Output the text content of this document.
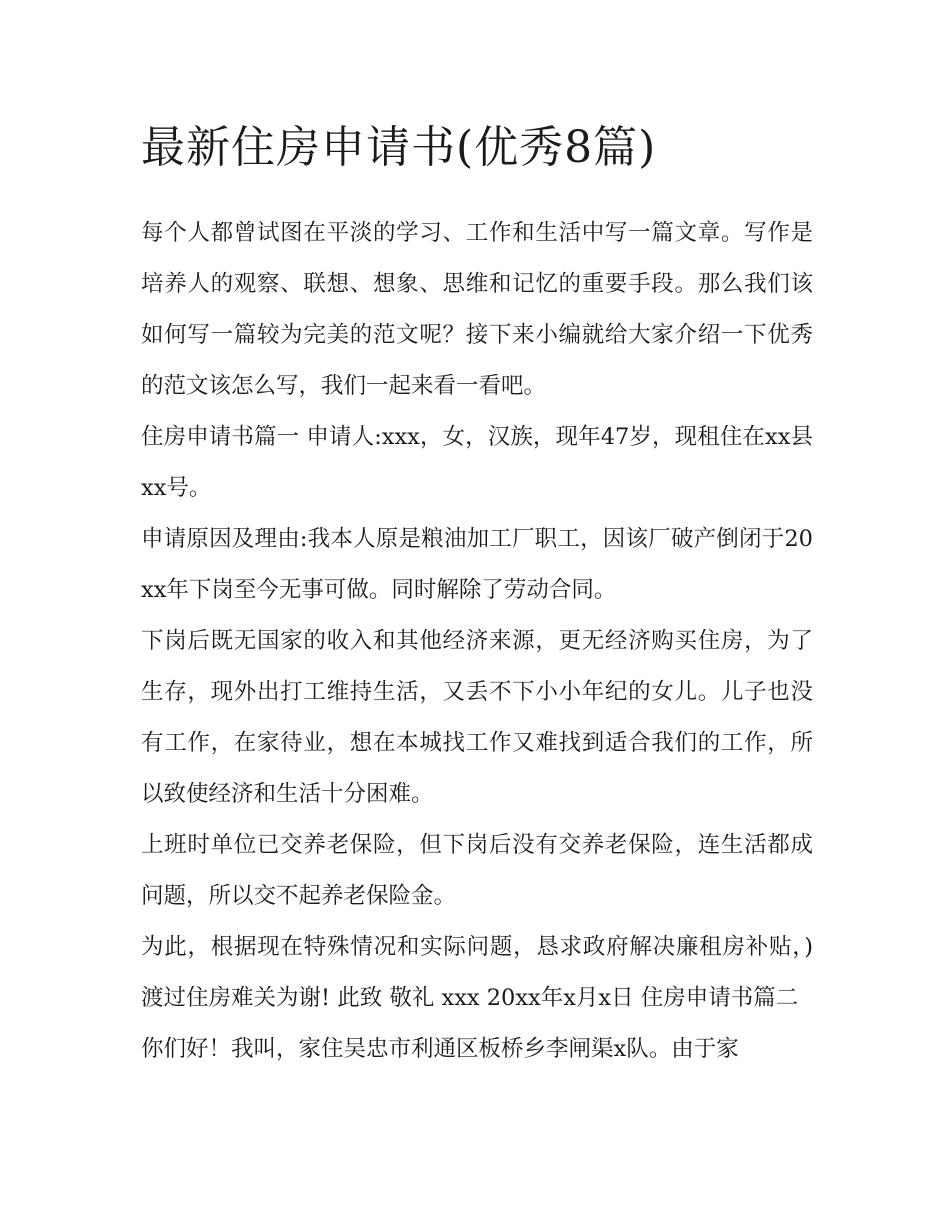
最新住房申请书(优秀8篇)

每个人都曾试图在平淡的学习、工作和生活中写一篇文章。写作是培养人的观察、联想、想象、思维和记忆的重要手段。那么我们该如何写一篇较为完美的范文呢？接下来小编就给大家介绍一下优秀的范文该怎么写，我们一起来看一看吧。

住房申请书篇一 申请人:xxx，女，汉族，现年47岁，现租住在xx县xx号。

申请原因及理由:我本人原是粮油加工厂职工，因该厂破产倒闭于20xx年下岗至今无事可做。同时解除了劳动合同。

下岗后既无国家的收入和其他经济来源，更无经济购买住房，为了生存，现外出打工维持生活，又丢不下小小年纪的女儿。儿子也没有工作，在家待业，想在本城找工作又难找到适合我们的工作，所以致使经济和生活十分困难。

上班时单位已交养老保险，但下岗后没有交养老保险，连生活都成问题，所以交不起养老保险金。

为此，根据现在特殊情况和实际问题，恳求政府解决廉租房补贴，)渡过住房难关为谢! 此致 敬礼 xxx 20xx年x月x日 住房申请书篇二

你们好！我叫，家住吴忠市利通区板桥乡李闸渠x队。由于家
